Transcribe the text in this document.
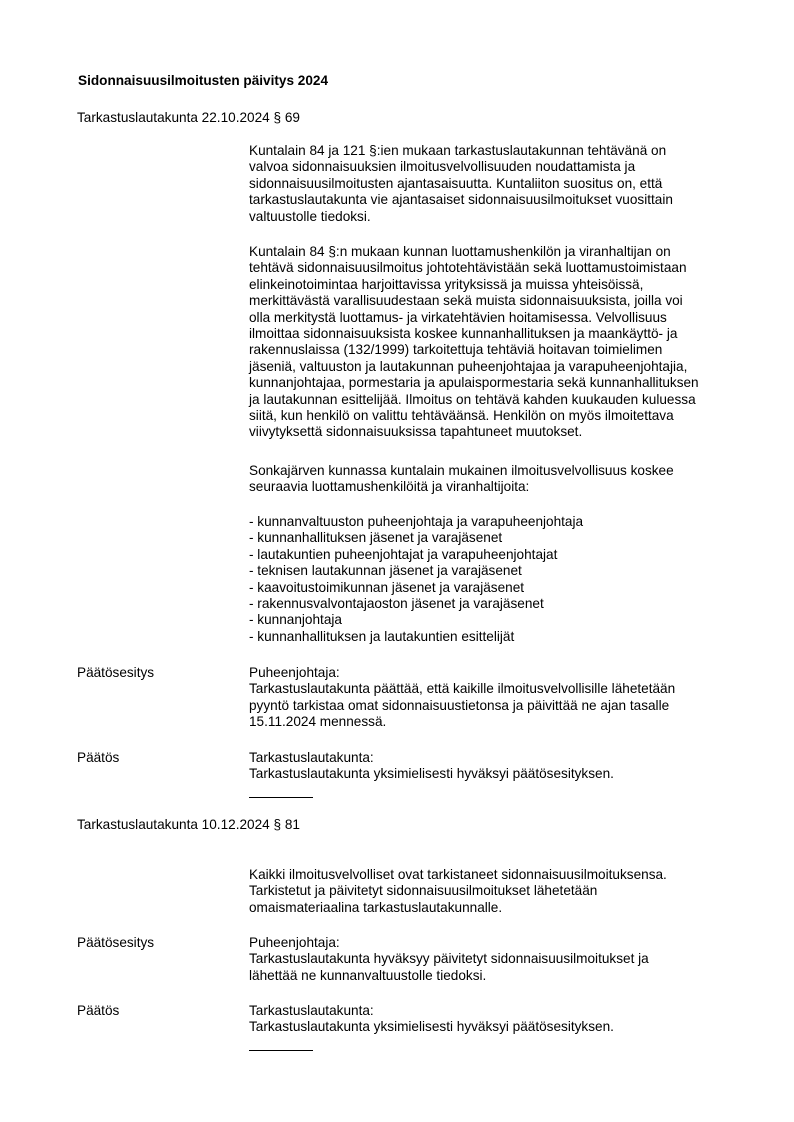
Sidonnaisuusilmoitusten päivitys 2024
Tarkastuslautakunta 22.10.2024 § 69
Kuntalain 84 ja 121 §:ien mukaan tarkastuslautakunnan tehtävänä on
valvoa sidonnaisuuksien ilmoitusvelvollisuuden noudattamista ja
sidonnaisuusilmoitusten ajantasaisuutta. Kuntaliiton suositus on, että
tarkastuslautakunta vie ajantasaiset sidonnaisuusilmoitukset vuosittain
valtuustolle tiedoksi.
Kuntalain 84 §:n mukaan kunnan luottamushenkilön ja viranhaltijan on
tehtävä sidonnaisuusilmoitus johtotehtävistään sekä luottamustoimistaan
elinkeinotoimintaa harjoittavissa yrityksissä ja muissa yhteisöissä,
merkittävästä varallisuudestaan sekä muista sidonnaisuuksista, joilla voi
olla merkitystä luottamus- ja virkatehtävien hoitamisessa. Velvollisuus
ilmoittaa sidonnaisuuksista koskee kunnanhallituksen ja maankäyttö- ja
rakennuslaissa (132/1999) tarkoitettuja tehtäviä hoitavan toimielimen
jäseniä, valtuuston ja lautakunnan puheenjohtajaa ja varapuheenjohtajia,
kunnanjohtajaa, pormestaria ja apulaispormestaria sekä kunnanhallituksen
ja lautakunnan esittelijää. Ilmoitus on tehtävä kahden kuukauden kuluessa
siitä, kun henkilö on valittu tehtäväänsä. Henkilön on myös ilmoitettava
viivytyksettä sidonnaisuuksissa tapahtuneet muutokset.
Sonkajärven kunnassa kuntalain mukainen ilmoitusvelvollisuus koskee
seuraavia luottamushenkilöitä ja viranhaltijoita:
- kunnanvaltuuston puheenjohtaja ja varapuheenjohtaja
- kunnanhallituksen jäsenet ja varajäsenet
- lautakuntien puheenjohtajat ja varapuheenjohtajat
- teknisen lautakunnan jäsenet ja varajäsenet
- kaavoitustoimikunnan jäsenet ja varajäsenet
- rakennusvalvontajaoston jäsenet ja varajäsenet
- kunnanjohtaja
- kunnanhallituksen ja lautakuntien esittelijät
Päätösesitys	Puheenjohtaja:
Tarkastuslautakunta päättää, että kaikille ilmoitusvelvollisille lähetetään
pyyntö tarkistaa omat sidonnaisuustietonsa ja päivittää ne ajan tasalle
15.11.2024 mennessä.
Päätös	Tarkastuslautakunta:
Tarkastuslautakunta yksimielisesti hyväksyi päätösesityksen.
Tarkastuslautakunta 10.12.2024 § 81
Kaikki ilmoitusvelvolliset ovat tarkistaneet sidonnaisuusilmoituksensa.
Tarkistetut ja päivitetyt sidonnaisuusilmoitukset lähetetään
omaismateriaalina tarkastuslautakunnalle.
Päätösesitys	Puheenjohtaja:
Tarkastuslautakunta hyväksyy päivitetyt sidonnaisuusilmoitukset ja
lähettää ne kunnanvaltuustolle tiedoksi.
Päätös	Tarkastuslautakunta:
Tarkastuslautakunta yksimielisesti hyväksyi päätösesityksen.
